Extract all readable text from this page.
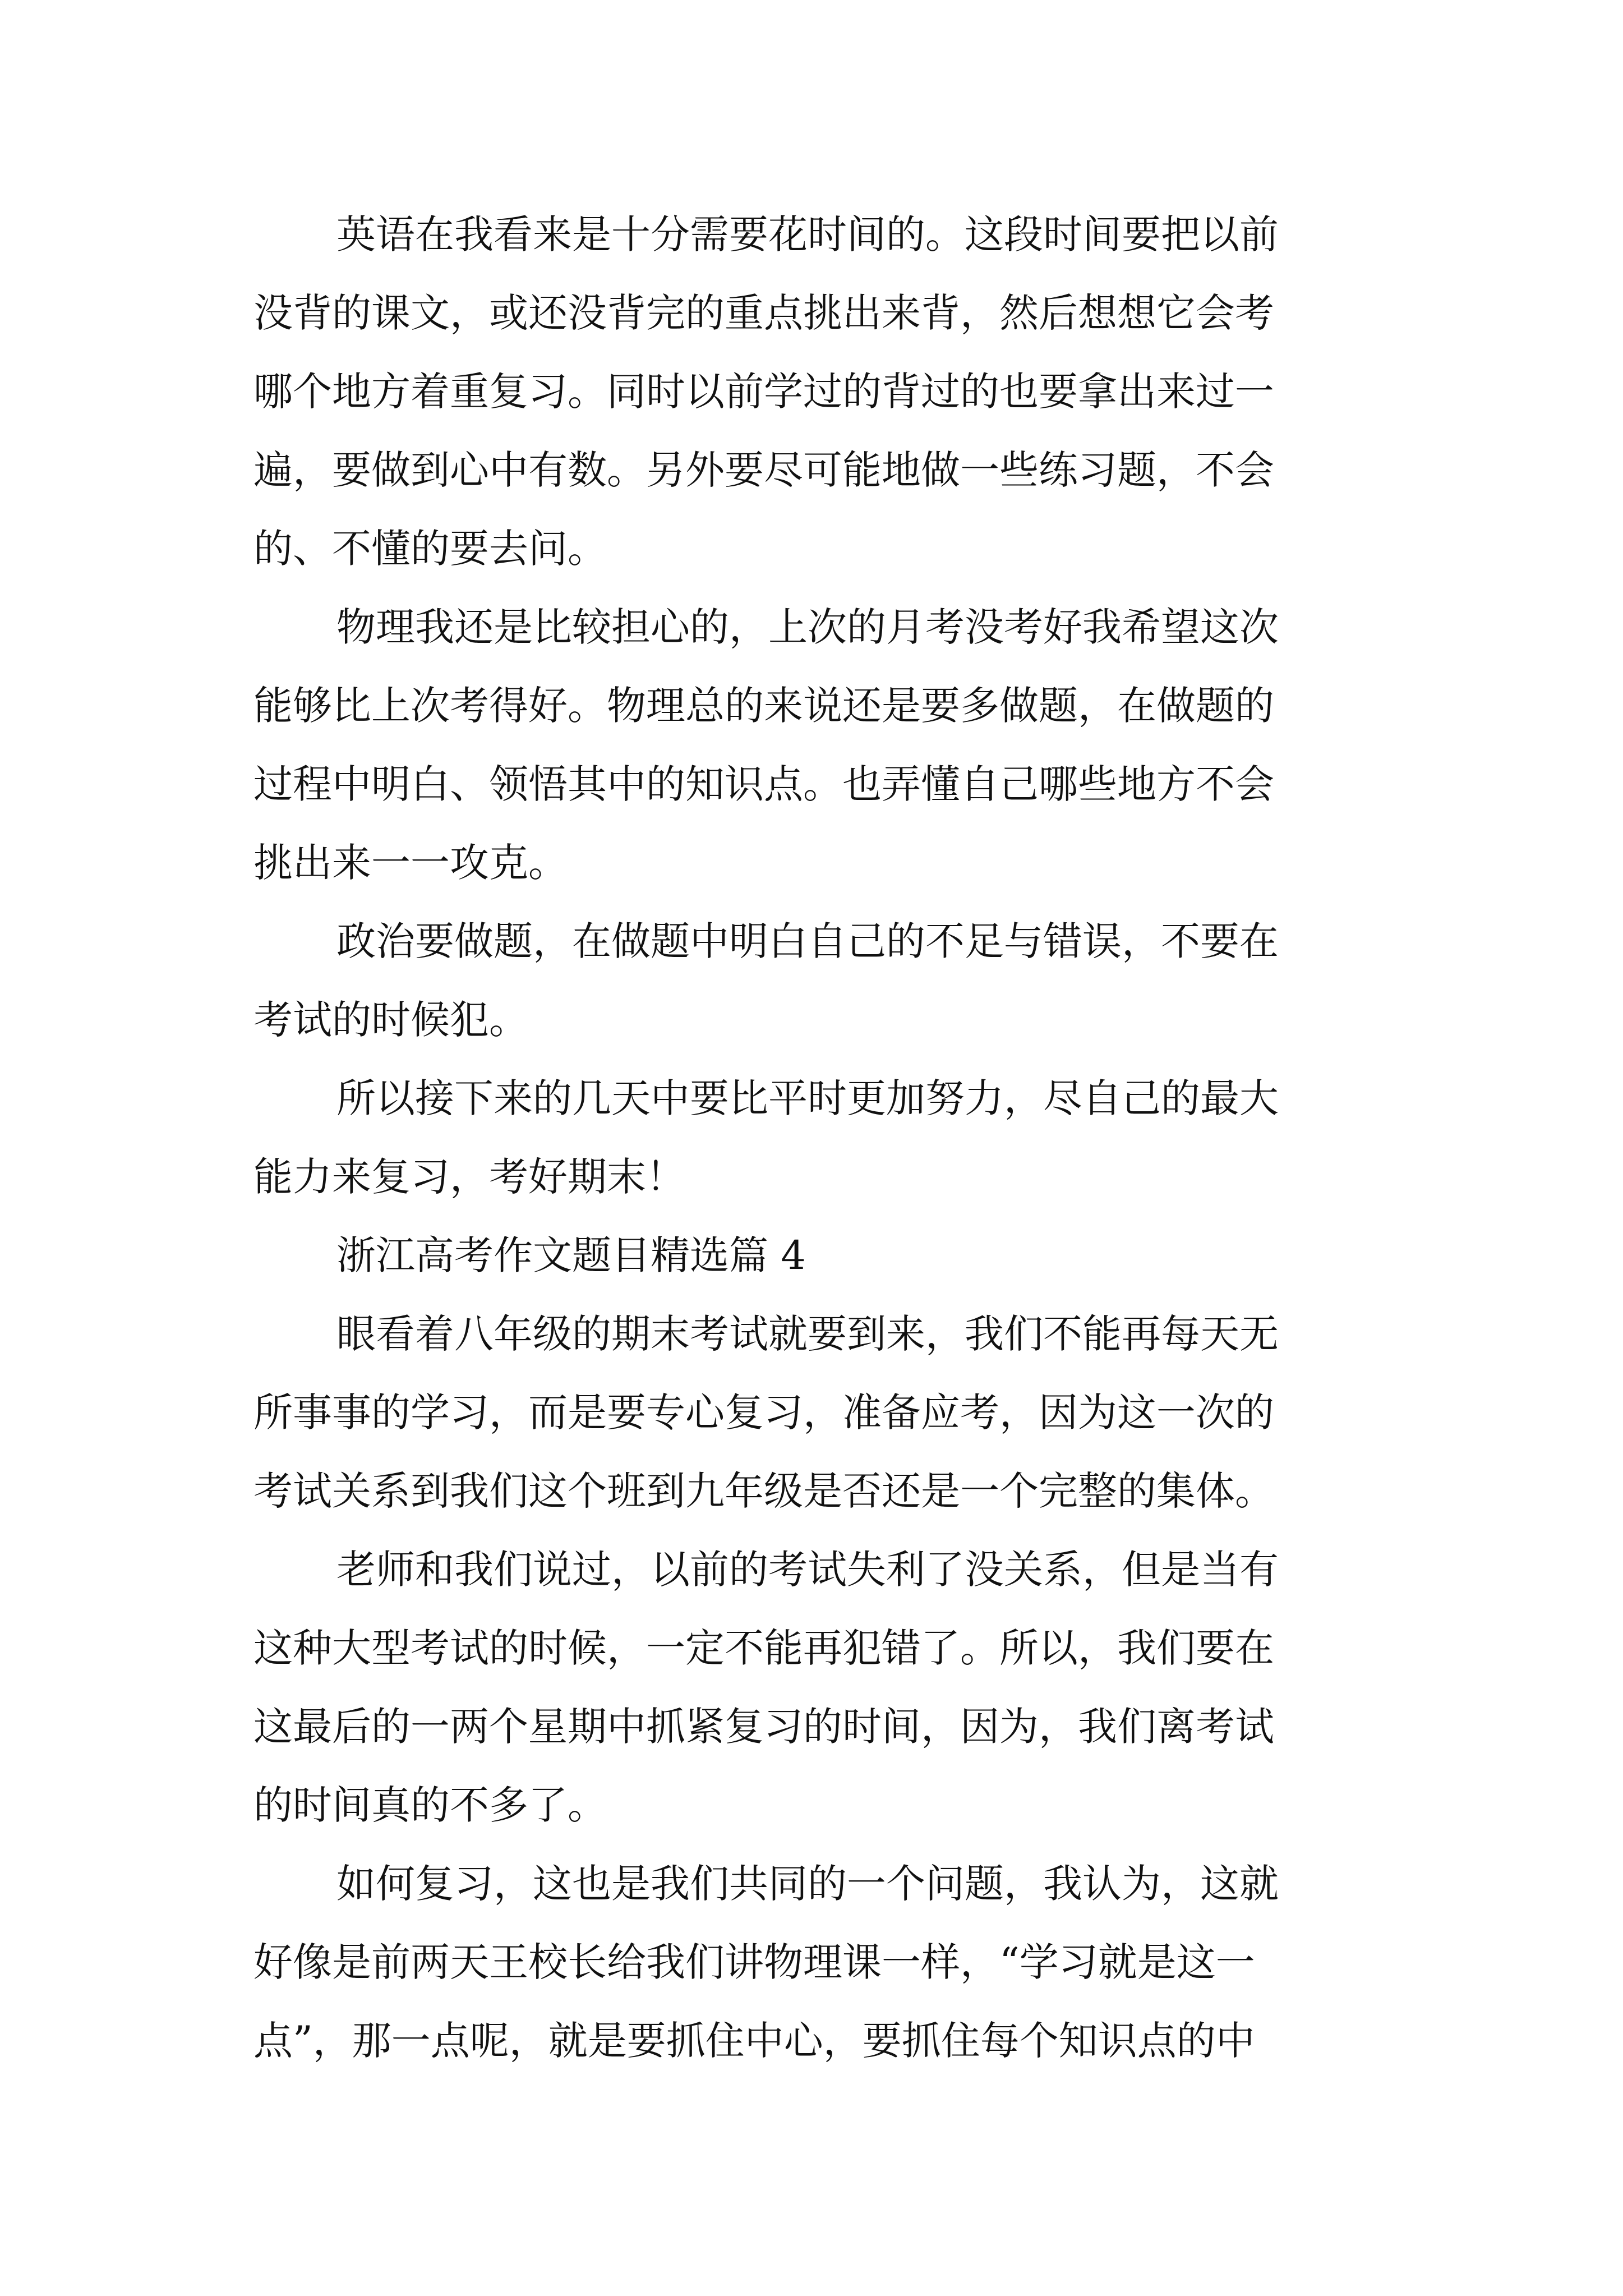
英语在我看来是十分需要花时间的。这段时间要把以前
没背的课文，或还没背完的重点挑出来背，然后想想它会考
哪个地方着重复习。同时以前学过的背过的也要拿出来过一
遍，要做到心中有数。另外要尽可能地做一些练习题，不会
的、不懂的要去问。
物理我还是比较担心的，上次的月考没考好我希望这次
能够比上次考得好。物理总的来说还是要多做题，在做题的
过程中明白、领悟其中的知识点。也弄懂自己哪些地方不会
挑出来一一攻克。
政治要做题，在做题中明白自己的不足与错误，不要在
考试的时候犯。
所以接下来的几天中要比平时更加努力，尽自己的最大
能力来复习，考好期末！
浙江高考作文题目精选篇 4
眼看着八年级的期末考试就要到来，我们不能再每天无
所事事的学习，而是要专心复习，准备应考，因为这一次的
考试关系到我们这个班到九年级是否还是一个完整的集体。
老师和我们说过，以前的考试失利了没关系，但是当有
这种大型考试的时候，一定不能再犯错了。所以，我们要在
这最后的一两个星期中抓紧复习的时间，因为，我们离考试
的时间真的不多了。
如何复习，这也是我们共同的一个问题，我认为，这就
好像是前两天王校长给我们讲物理课一样，“学习就是这一
点”，那一点呢，就是要抓住中心，要抓住每个知识点的中
